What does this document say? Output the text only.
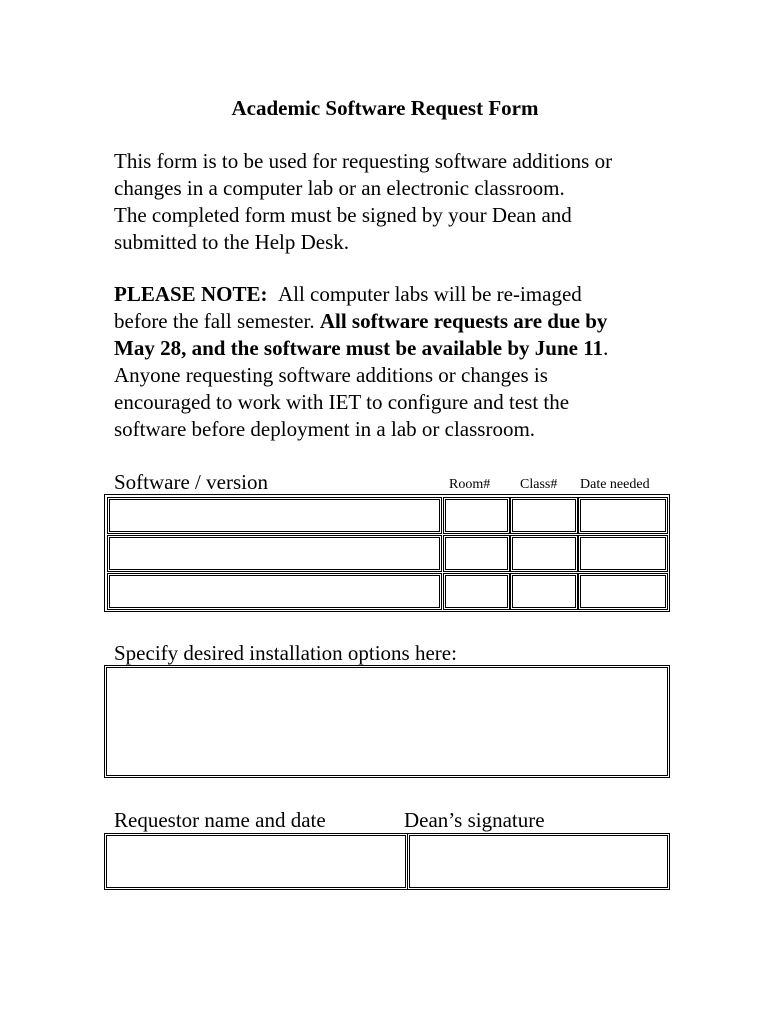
Academic Software Request Form
This form is to be used for requesting software additions or
changes in a computer lab or an electronic classroom.
The completed form must be signed by your Dean and
submitted to the Help Desk.
PLEASE NOTE: All computer labs will be re-imaged
before the fall semester. All software requests are due by
May 28, and the software must be available by June 11.
Anyone requesting software additions or changes is
encouraged to work with IET to configure and test the
software before deployment in a lab or classroom.
Software / version	Room# Class# Date needed
Specify desired installation options here:
Requestor name and date	Dean’s signature
